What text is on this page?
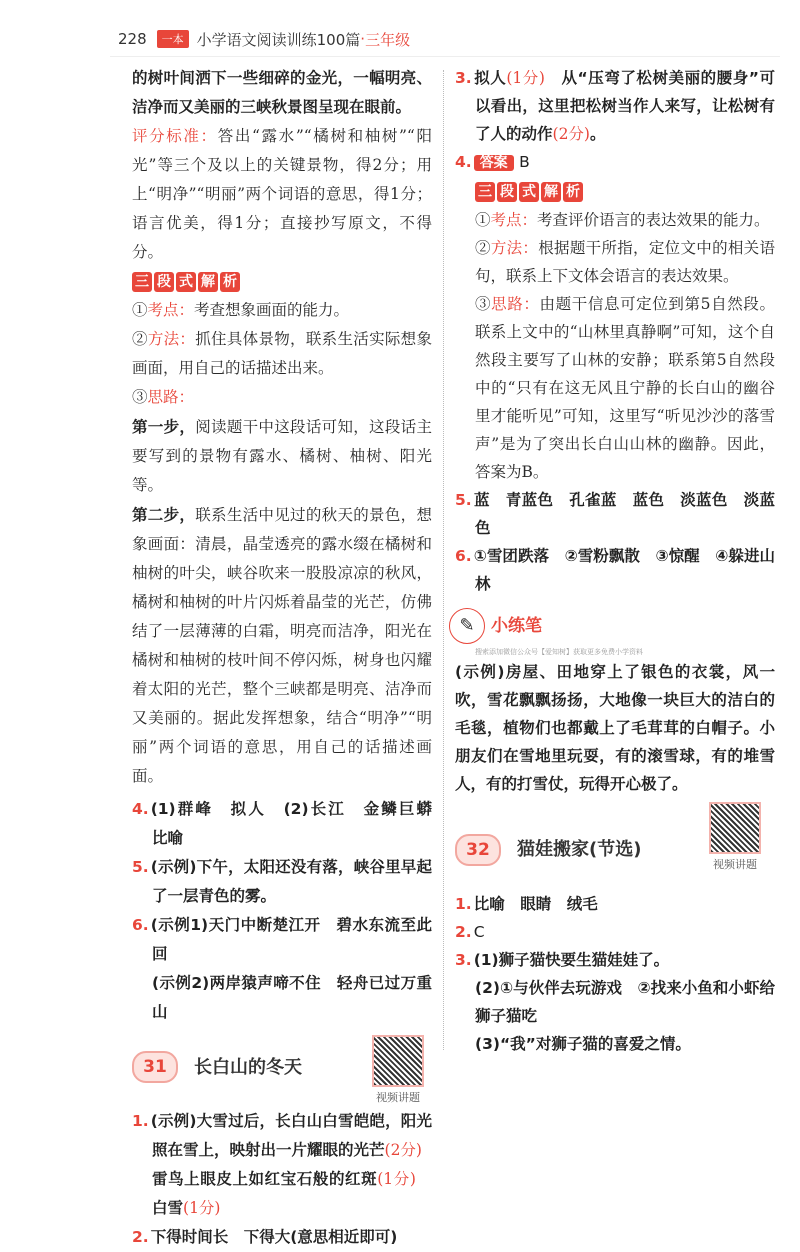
228	一本 小学语文阅读训练100篇 · 三年级
的树叶间洒下一些细碎的金光，一幅明亮、洁净而又美丽的三峡秋景图呈现在眼前。
评分标准：答出“露水”“橘树和柚树”“阳光”等三个及以上的关键景物，得2分；用上“明净”“明丽”两个词语的意思，得1分；语言优美，得1分；直接抄写原文，不得分。
三 段 式 解 析
①考点：考查想象画面的能力。
②方法：抓住具体景物，联系生活实际想象画面，用自己的话描述出来。
③思路：
第一步，阅读题干中这段话可知，这段话主要写到的景物有露水、橘树、柚树、阳光等。
第二步，联系生活中见过的秋天的景色，想象画面：清晨，晶莹透亮的露水缀在橘树和柚树的叶尖，峡谷吹来一股股凉凉的秋风，橘树和柚树的叶片闪烁着晶莹的光芒，仿佛结了一层薄薄的白霜，明亮而洁净，阳光在橘树和柚树的枝叶间不停闪烁，树身也闪耀着太阳的光芒，整个三峡都是明亮、洁净而又美丽的。据此发挥想象，结合“明净”“明丽”两个词语的意思，用自己的话描述画面。
4. (1)群峰　拟人　(2)长江　金鳞巨蟒　比喻
5. (示例)下午，太阳还没有落，峡谷里早起了一层青色的雾。
6. (示例1)天门中断楚江开　碧水东流至此回
(示例2)两岸猿声啼不住　轻舟已过万重山
31	长白山的冬天
视频讲题
1. (示例)大雪过后，长白山白雪皑皑，阳光照在雪上，映射出一片耀眼的光芒(2分)　雷鸟上眼皮上如红宝石般的红斑(1分)　白雪(1分)
2. 下得时间长　下得大(意思相近即可)
3. 拟人(1分)　从“压弯了松树美丽的腰身”可以看出，这里把松树当作人来写，让松树有了人的动作(2分)。
4. 答案 B
三 段 式 解 析
①考点：考查评价语言的表达效果的能力。
②方法：根据题干所指，定位文中的相关语句，联系上下文体会语言的表达效果。
③思路：由题干信息可定位到第5自然段。联系上文中的“山林里真静啊”可知，这个自然段主要写了山林的安静；联系第5自然段中的“只有在这无风且宁静的长白山的幽谷里才能听见”可知，这里写“听见沙沙的落雪声”是为了突出长白山山林的幽静。因此，答案为B。
5. 蓝　青蓝色　孔雀蓝　蓝色　淡蓝色　淡蓝色
6. ①雪团跌落　②雪粉飘散　③惊醒　④躲进山林
✎ 小练笔
搜索添加微信公众号【爱知树】获取更多免费小学资料
(示例)房屋、田地穿上了银色的衣裳，风一吹，雪花飘飘扬扬，大地像一块巨大的洁白的毛毯，植物们也都戴上了毛茸茸的白帽子。小朋友们在雪地里玩耍，有的滚雪球，有的堆雪人，有的打雪仗，玩得开心极了。
32	猫娃搬家(节选)
视频讲题
1. 比喻　眼睛　绒毛
2. C
3. (1)狮子猫快要生猫娃娃了。
(2)①与伙伴去玩游戏　②找来小鱼和小虾给狮子猫吃
(3)“我”对狮子猫的喜爱之情。
